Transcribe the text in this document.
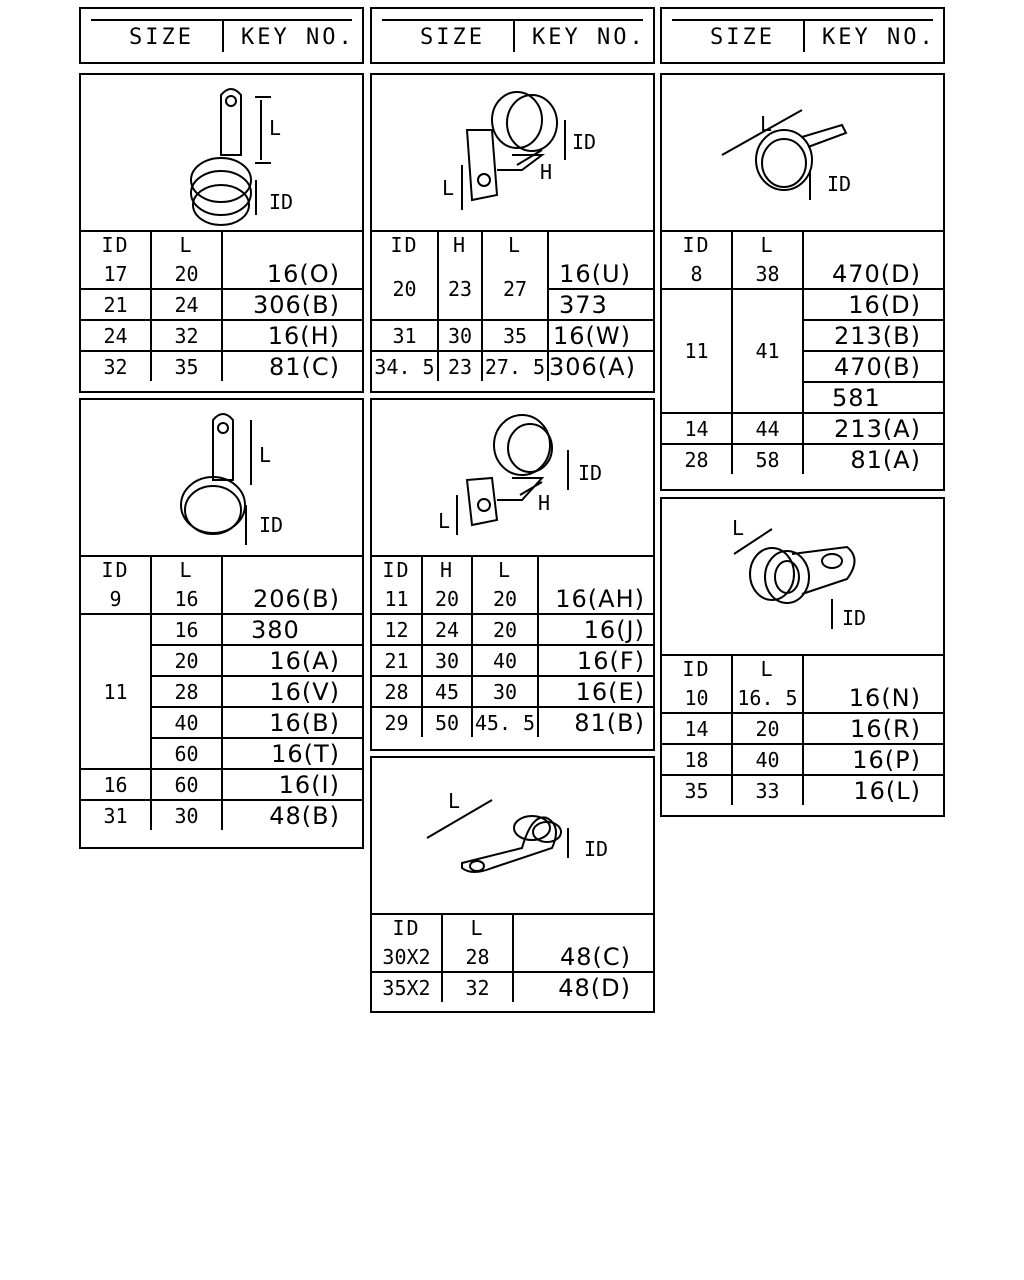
SIZE KEY NO.	SIZE KEY NO.	SIZE KEY NO.
L
ID
ID	L	
17	20	16(O)
21	24	306(B)
24	32	16(H)
32	35	81(C)
L
H
ID
ID	H	L	
20	23	27	16(U)
			373
31	30	35	16(W)
34. 5	23	27. 5	306(A)
L
ID
ID	L	
8	38	470(D)
11	41	16(D)
		213(B)
		470(B)
		581
14	44	213(A)
28	58	81(A)
L
ID
ID	L	
9	16	206(B)
11	16	380
	20	16(A)
	28	16(V)
	40	16(B)
	60	16(T)
16	60	16(I)
31	30	48(B)
L
H
ID
ID	H	L	
11	20	20	16(AH)
12	24	20	16(J)
21	30	40	16(F)
28	45	30	16(E)
29	50	45. 5	81(B)
L
ID
ID	L	
10	16. 5	16(N)
14	20	16(R)
18	40	16(P)
35	33	16(L)
L
ID
ID	L	
30X2	28	48(C)
35X2	32	48(D)
